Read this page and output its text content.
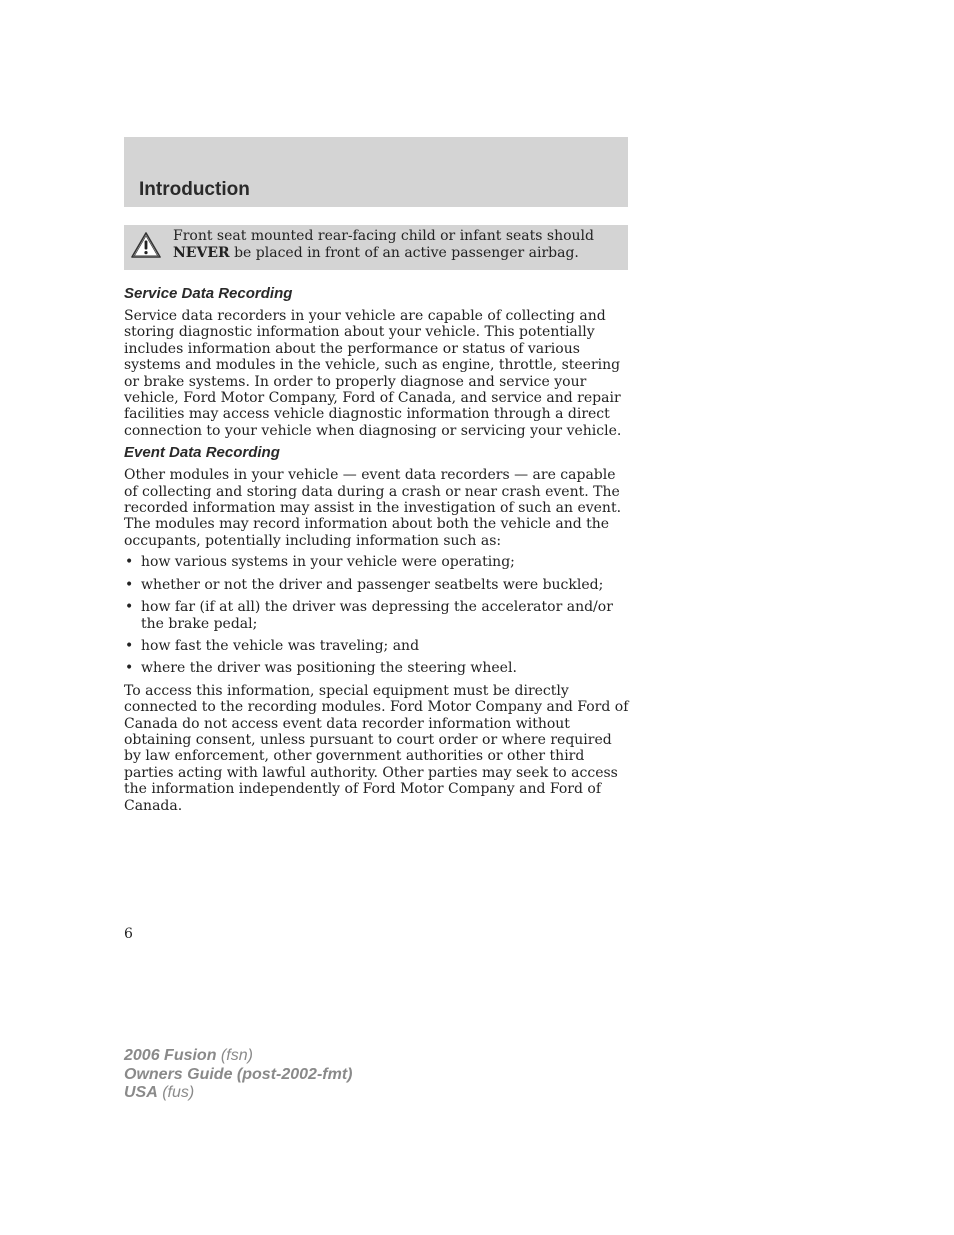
Introduction

Front seat mounted rear-facing child or infant seats should
NEVER be placed in front of an active passenger airbag.

Service Data Recording

Service data recorders in your vehicle are capable of collecting and storing diagnostic information about your vehicle. This potentially includes information about the performance or status of various systems and modules in the vehicle, such as engine, throttle, steering or brake systems. In order to properly diagnose and service your vehicle, Ford Motor Company, Ford of Canada, and service and repair facilities may access vehicle diagnostic information through a direct connection to your vehicle when diagnosing or servicing your vehicle.

Event Data Recording

Other modules in your vehicle — event data recorders — are capable of collecting and storing data during a crash or near crash event. The recorded information may assist in the investigation of such an event. The modules may record information about both the vehicle and the occupants, potentially including information such as:

• how various systems in your vehicle were operating;
• whether or not the driver and passenger seatbelts were buckled;
• how far (if at all) the driver was depressing the accelerator and/or the brake pedal;
• how fast the vehicle was traveling; and
• where the driver was positioning the steering wheel.

To access this information, special equipment must be directly connected to the recording modules. Ford Motor Company and Ford of Canada do not access event data recorder information without obtaining consent, unless pursuant to court order or where required by law enforcement, other government authorities or other third parties acting with lawful authority. Other parties may seek to access the information independently of Ford Motor Company and Ford of Canada.

6
2006 Fusion (fsn)
Owners Guide (post-2002-fmt)
USA (fus)
